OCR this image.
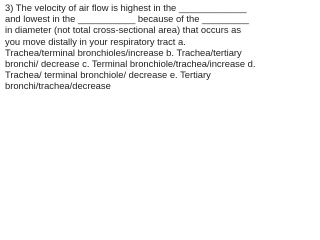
3) The velocity of air flow is highest in the _____________ and lowest in the ___________ because of the _________ in diameter (not total cross-sectional area) that occurs as you move distally in your respiratory tract a. Trachea/terminal bronchioles/increase b. Trachea/tertiary bronchi/ decrease c. Terminal bronchiole/trachea/increase d. Trachea/ terminal bronchiole/ decrease e. Tertiary bronchi/trachea/decrease
